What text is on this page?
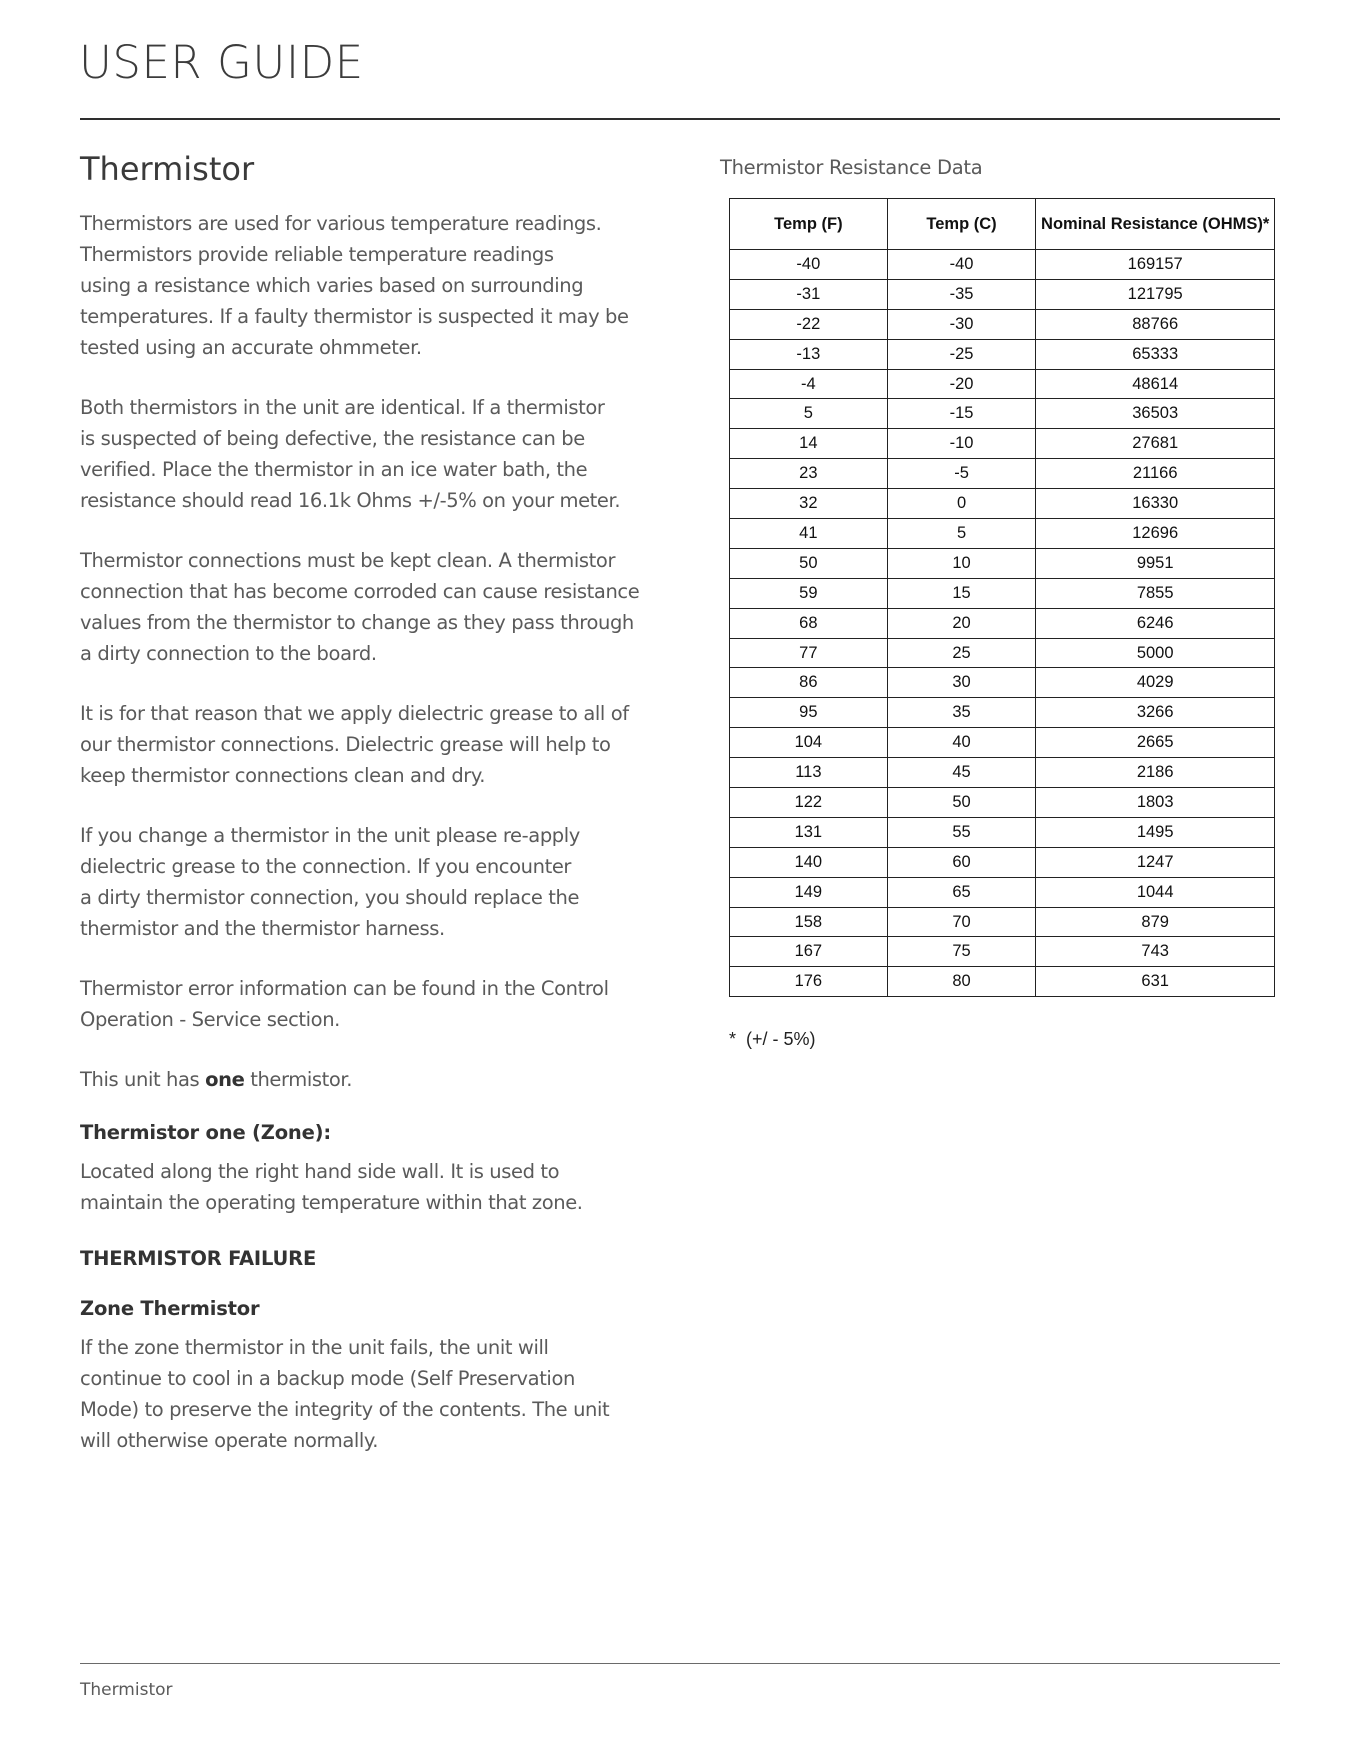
USER GUIDE
Thermistor

Thermistors are used for various temperature readings.
Thermistors provide reliable temperature readings
using a resistance which varies based on surrounding
temperatures. If a faulty thermistor is suspected it may be
tested using an accurate ohmmeter.

Both thermistors in the unit are identical. If a thermistor
is suspected of being defective, the resistance can be
verified. Place the thermistor in an ice water bath, the
resistance should read 16.1k Ohms +/-5% on your meter.

Thermistor connections must be kept clean. A thermistor
connection that has become corroded can cause resistance
values from the thermistor to change as they pass through
a dirty connection to the board.

It is for that reason that we apply dielectric grease to all of
our thermistor connections. Dielectric grease will help to
keep thermistor connections clean and dry.

If you change a thermistor in the unit please re-apply
dielectric grease to the connection. If you encounter
a dirty thermistor connection, you should replace the
thermistor and the thermistor harness.

Thermistor error information can be found in the Control
Operation - Service section.

This unit has one thermistor.

Thermistor one (Zone):

Located along the right hand side wall. It is used to
maintain the operating temperature within that zone.

THERMISTOR FAILURE
Zone Thermistor

If the zone thermistor in the unit fails, the unit will
continue to cool in a backup mode (Self Preservation
Mode) to preserve the integrity of the contents. The unit
will otherwise operate normally.

Thermistor Resistance Data

Temp (F)	Temp (C)	Nominal Resistance (OHMS)*
-40	-40	169157
-31	-35	121795
-22	-30	88766
-13	-25	65333
-4	-20	48614
5	-15	36503
14	-10	27681
23	-5	21166
32	0	16330
41	5	12696
50	10	9951
59	15	7855
68	20	6246
77	25	5000
86	30	4029
95	35	3266
104	40	2665
113	45	2186
122	50	1803
131	55	1495
140	60	1247
149	65	1044
158	70	879
167	75	743
176	80	631

*  (+/ - 5%)

Thermistor
